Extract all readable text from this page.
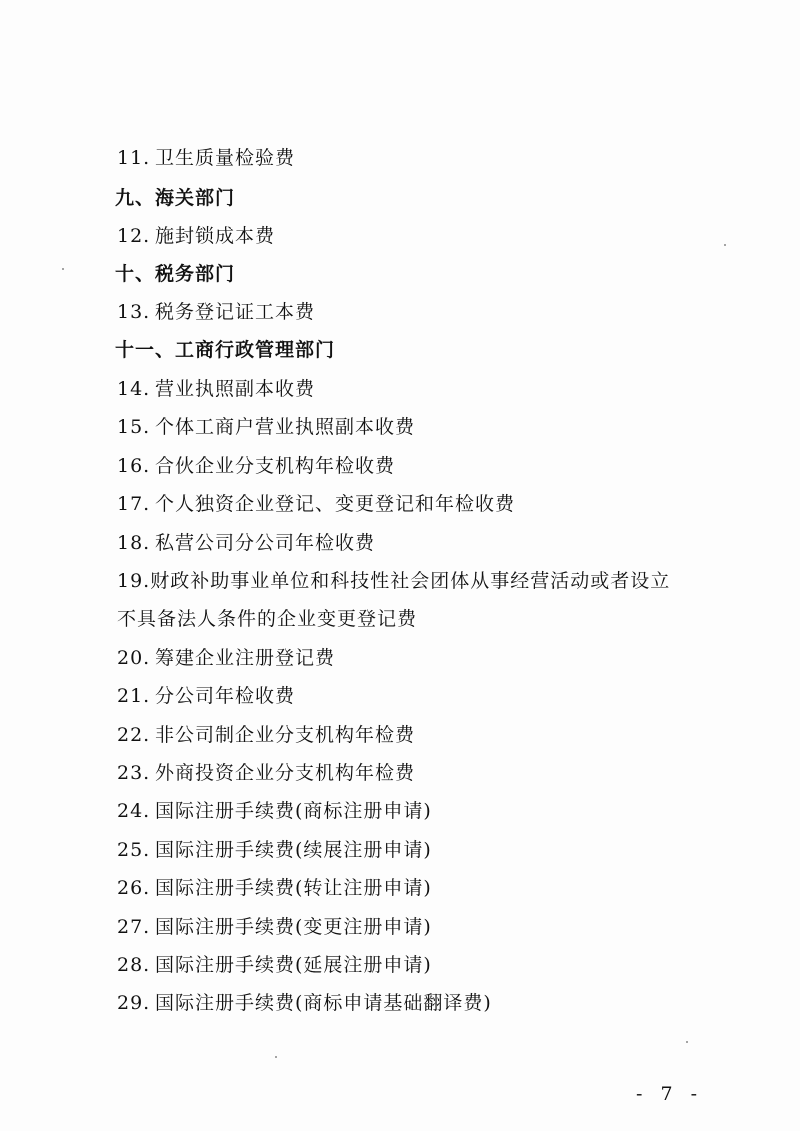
11. 卫生质量检验费
九、海关部门
12. 施封锁成本费
十、税务部门
13. 税务登记证工本费
十一、工商行政管理部门
14. 营业执照副本收费
15. 个体工商户营业执照副本收费
16. 合伙企业分支机构年检收费
17. 个人独资企业登记、变更登记和年检收费
18. 私营公司分公司年检收费
19.财政补助事业单位和科技性社会团体从事经营活动或者设立
不具备法人条件的企业变更登记费
20. 筹建企业注册登记费
21. 分公司年检收费
22. 非公司制企业分支机构年检费
23. 外商投资企业分支机构年检费
24. 国际注册手续费(商标注册申请)
25. 国际注册手续费(续展注册申请)
26. 国际注册手续费(转让注册申请)
27. 国际注册手续费(变更注册申请)
28. 国际注册手续费(延展注册申请)
29. 国际注册手续费(商标申请基础翻译费)
- 7 -
